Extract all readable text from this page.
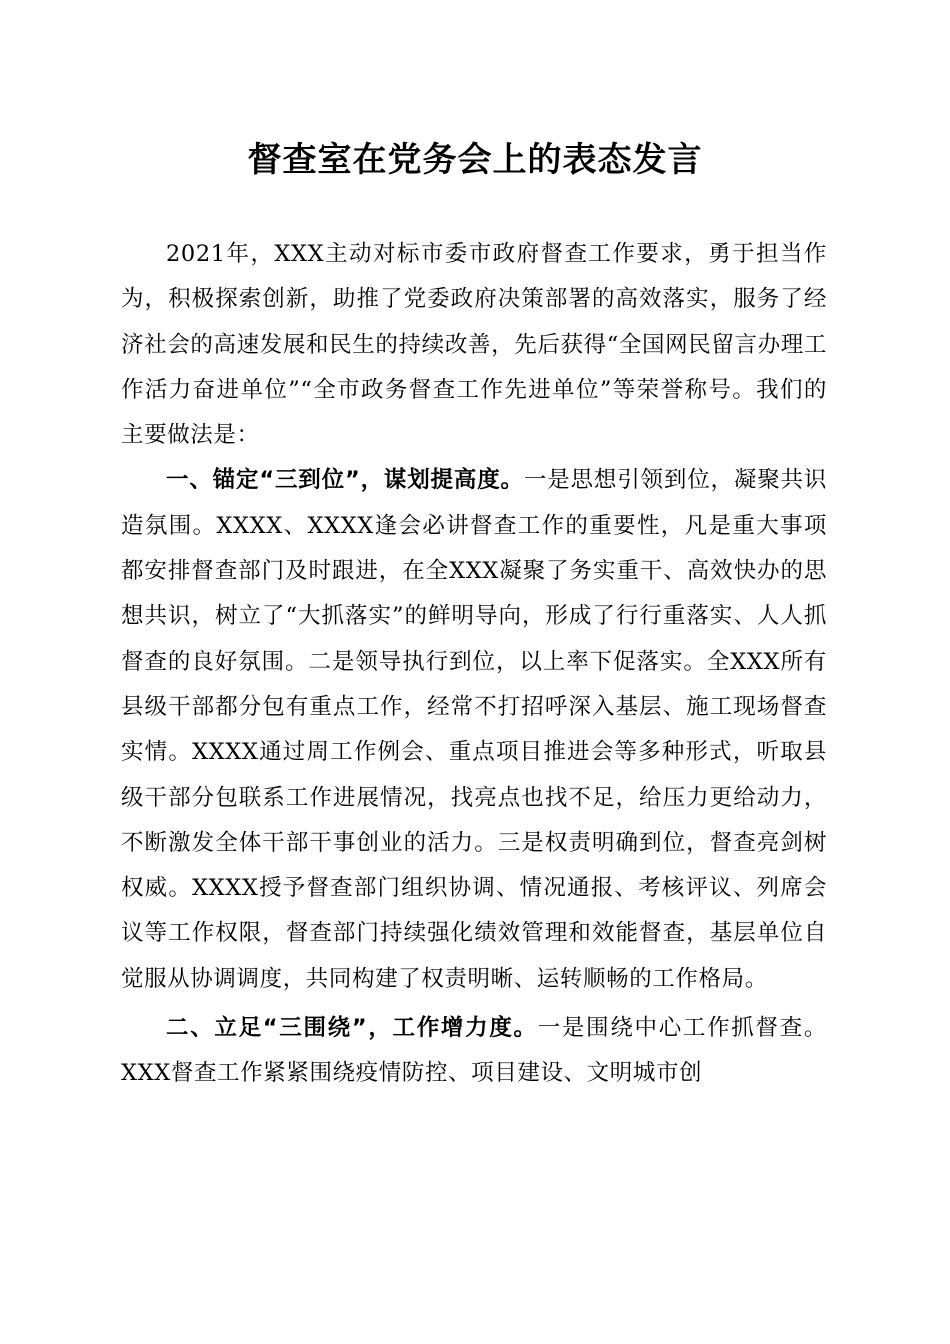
督查室在党务会上的表态发言

2021年，XXX主动对标市委市政府督查工作要求，勇于担当作为，积极探索创新，助推了党委政府决策部署的高效落实，服务了经济社会的高速发展和民生的持续改善，先后获得“全国网民留言办理工作活力奋进单位”“全市政务督查工作先进单位”等荣誉称号。我们的主要做法是：

一、锚定“三到位”，谋划提高度。一是思想引领到位，凝聚共识造氛围。XXXX、XXXX逢会必讲督查工作的重要性，凡是重大事项都安排督查部门及时跟进，在全XXX凝聚了务实重干、高效快办的思想共识，树立了“大抓落实”的鲜明导向，形成了行行重落实、人人抓督查的良好氛围。二是领导执行到位，以上率下促落实。全XXX所有县级干部都分包有重点工作，经常不打招呼深入基层、施工现场督查实情。XXXX通过周工作例会、重点项目推进会等多种形式，听取县级干部分包联系工作进展情况，找亮点也找不足，给压力更给动力，不断激发全体干部干事创业的活力。三是权责明确到位，督查亮剑树权威。XXXX授予督查部门组织协调、情况通报、考核评议、列席会议等工作权限，督查部门持续强化绩效管理和效能督查，基层单位自觉服从协调调度，共同构建了权责明晰、运转顺畅的工作格局。

二、立足“三围绕”，工作增力度。一是围绕中心工作抓督查。XXX督查工作紧紧围绕疫情防控、项目建设、文明城市创
